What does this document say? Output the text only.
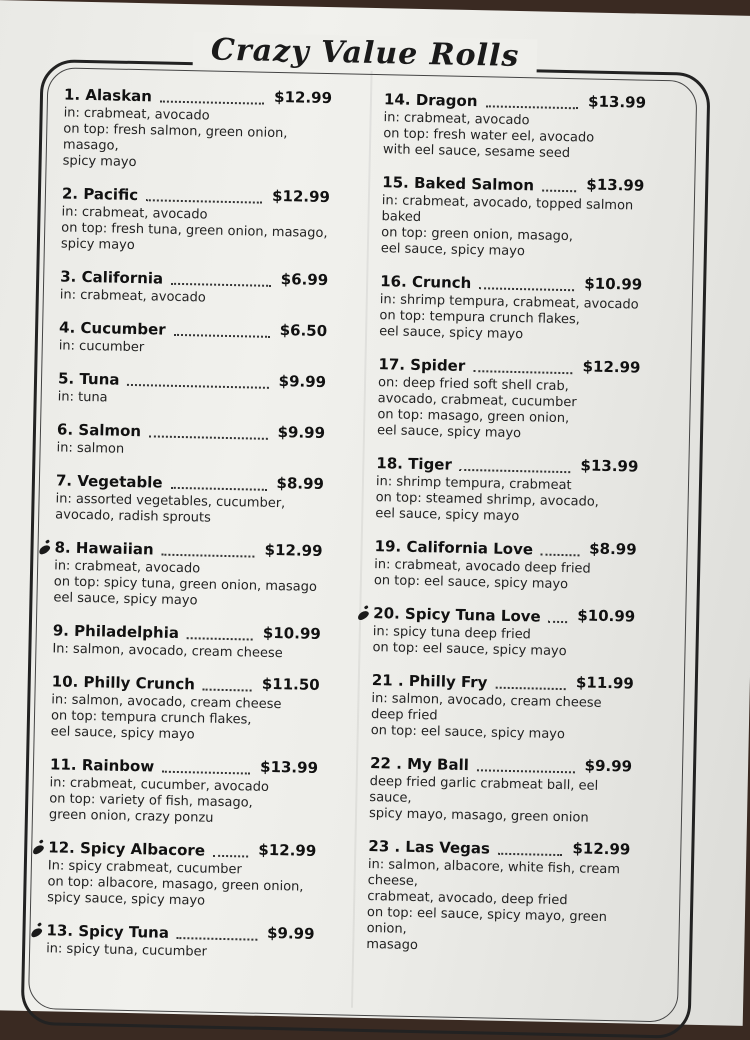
Crazy Value Rolls
1. Alaskan	$12.99
in: crabmeat, avocado
on top: fresh salmon, green onion, masago,
spicy mayo
2. Pacific	$12.99
in: crabmeat, avocado
on top: fresh tuna, green onion, masago,
spicy mayo
3. California	$6.99
in: crabmeat, avocado
4. Cucumber	$6.50
in: cucumber
5. Tuna	$9.99
in: tuna
6. Salmon	$9.99
in: salmon
7. Vegetable	$8.99
in: assorted vegetables, cucumber,
avocado, radish sprouts
8. Hawaiian	$12.99
in: crabmeat, avocado
on top: spicy tuna, green onion, masago
eel sauce, spicy mayo
9. Philadelphia	$10.99
In: salmon, avocado, cream cheese
10. Philly Crunch	$11.50
in: salmon, avocado, cream cheese
on top: tempura crunch flakes,
eel sauce, spicy mayo
11. Rainbow	$13.99
in: crabmeat, cucumber, avocado
on top: variety of fish, masago,
green onion, crazy ponzu
12. Spicy Albacore	$12.99
In: spicy crabmeat, cucumber
on top: albacore, masago, green onion,
spicy sauce, spicy mayo
13. Spicy Tuna	$9.99
in: spicy tuna, cucumber
14. Dragon	$13.99
in: crabmeat, avocado
on top: fresh water eel, avocado
with eel sauce, sesame seed
15. Baked Salmon	$13.99
in: crabmeat, avocado, topped salmon baked
on top: green onion, masago,
eel sauce, spicy mayo
16. Crunch	$10.99
in: shrimp tempura, crabmeat, avocado
on top: tempura crunch flakes,
eel sauce, spicy mayo
17. Spider	$12.99
on: deep fried soft shell crab,
avocado, crabmeat, cucumber
on top: masago, green onion,
eel sauce, spicy mayo
18. Tiger	$13.99
in: shrimp tempura, crabmeat
on top: steamed shrimp, avocado,
eel sauce, spicy mayo
19. California Love	$8.99
in: crabmeat, avocado deep fried
on top: eel sauce, spicy mayo
20. Spicy Tuna Love $10.99
in: spicy tuna deep fried
on top: eel sauce, spicy mayo
21 . Philly Fry	$11.99
in: salmon, avocado, cream cheese
deep fried
on top: eel sauce, spicy mayo
22 . My Ball	$9.99
deep fried garlic crabmeat ball, eel sauce,
spicy mayo, masago, green onion
23 . Las Vegas	$12.99
in: salmon, albacore, white fish, cream cheese,
crabmeat, avocado, deep fried
on top: eel sauce, spicy mayo, green onion,
masago
